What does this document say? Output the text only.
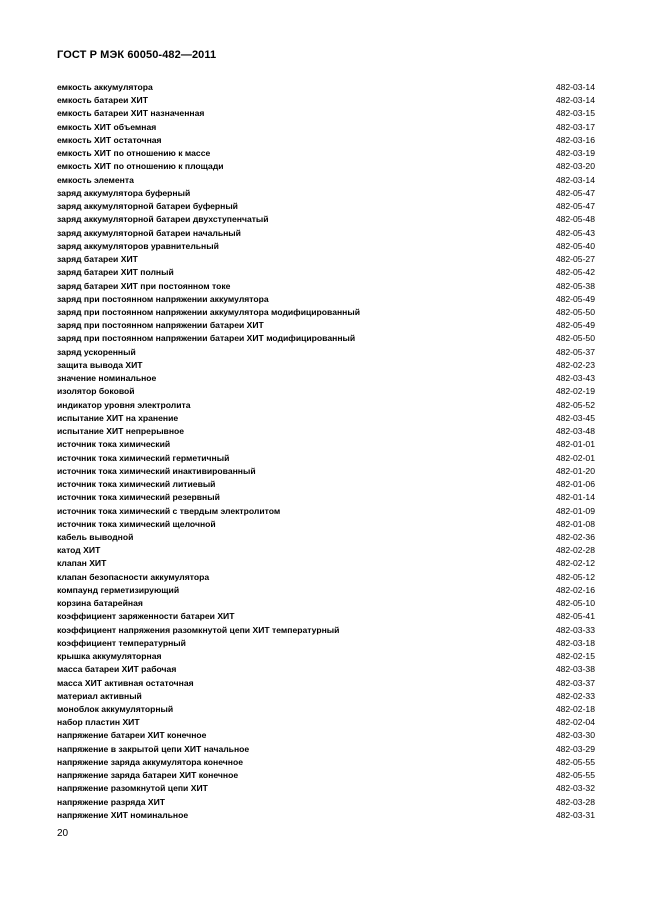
ГОСТ Р МЭК 60050-482—2011
емкость аккумулятора	482-03-14
емкость батареи ХИТ	482-03-14
емкость батареи ХИТ назначенная	482-03-15
емкость ХИТ объемная	482-03-17
емкость ХИТ остаточная	482-03-16
емкость ХИТ по отношению к массе	482-03-19
емкость ХИТ по отношению к площади	482-03-20
емкость элемента	482-03-14
заряд аккумулятора буферный	482-05-47
заряд аккумуляторной батареи буферный	482-05-47
заряд аккумуляторной батареи двухступенчатый	482-05-48
заряд аккумуляторной батареи начальный	482-05-43
заряд аккумуляторов уравнительный	482-05-40
заряд батареи ХИТ	482-05-27
заряд батареи ХИТ полный	482-05-42
заряд батареи ХИТ при постоянном токе	482-05-38
заряд при постоянном напряжении аккумулятора	482-05-49
заряд при постоянном напряжении аккумулятора модифицированный	482-05-50
заряд при постоянном напряжении батареи ХИТ	482-05-49
заряд при постоянном напряжении батареи ХИТ модифицированный	482-05-50
заряд ускоренный	482-05-37
защита вывода ХИТ	482-02-23
значение номинальное	482-03-43
изолятор боковой	482-02-19
индикатор уровня электролита	482-05-52
испытание ХИТ на хранение	482-03-45
испытание ХИТ непрерывное	482-03-48
источник тока химический	482-01-01
источник тока химический герметичный	482-02-01
источник тока химический инактивированный	482-01-20
источник тока химический литиевый	482-01-06
источник тока химический резервный	482-01-14
источник тока химический с твердым электролитом	482-01-09
источник тока химический щелочной	482-01-08
кабель выводной	482-02-36
катод ХИТ	482-02-28
клапан ХИТ	482-02-12
клапан безопасности аккумулятора	482-05-12
компаунд герметизирующий	482-02-16
корзина батарейная	482-05-10
коэффициент заряженности батареи ХИТ	482-05-41
коэффициент напряжения разомкнутой цепи ХИТ температурный	482-03-33
коэффициент температурный	482-03-18
крышка аккумуляторная	482-02-15
масса батареи ХИТ рабочая	482-03-38
масса ХИТ активная остаточная	482-03-37
материал активный	482-02-33
моноблок аккумуляторный	482-02-18
набор пластин ХИТ	482-02-04
напряжение батареи ХИТ конечное	482-03-30
напряжение в закрытой цепи ХИТ начальное	482-03-29
напряжение заряда аккумулятора конечное	482-05-55
напряжение заряда батареи ХИТ конечное	482-05-55
напряжение разомкнутой цепи ХИТ	482-03-32
напряжение разряда ХИТ	482-03-28
напряжение ХИТ номинальное	482-03-31
20
